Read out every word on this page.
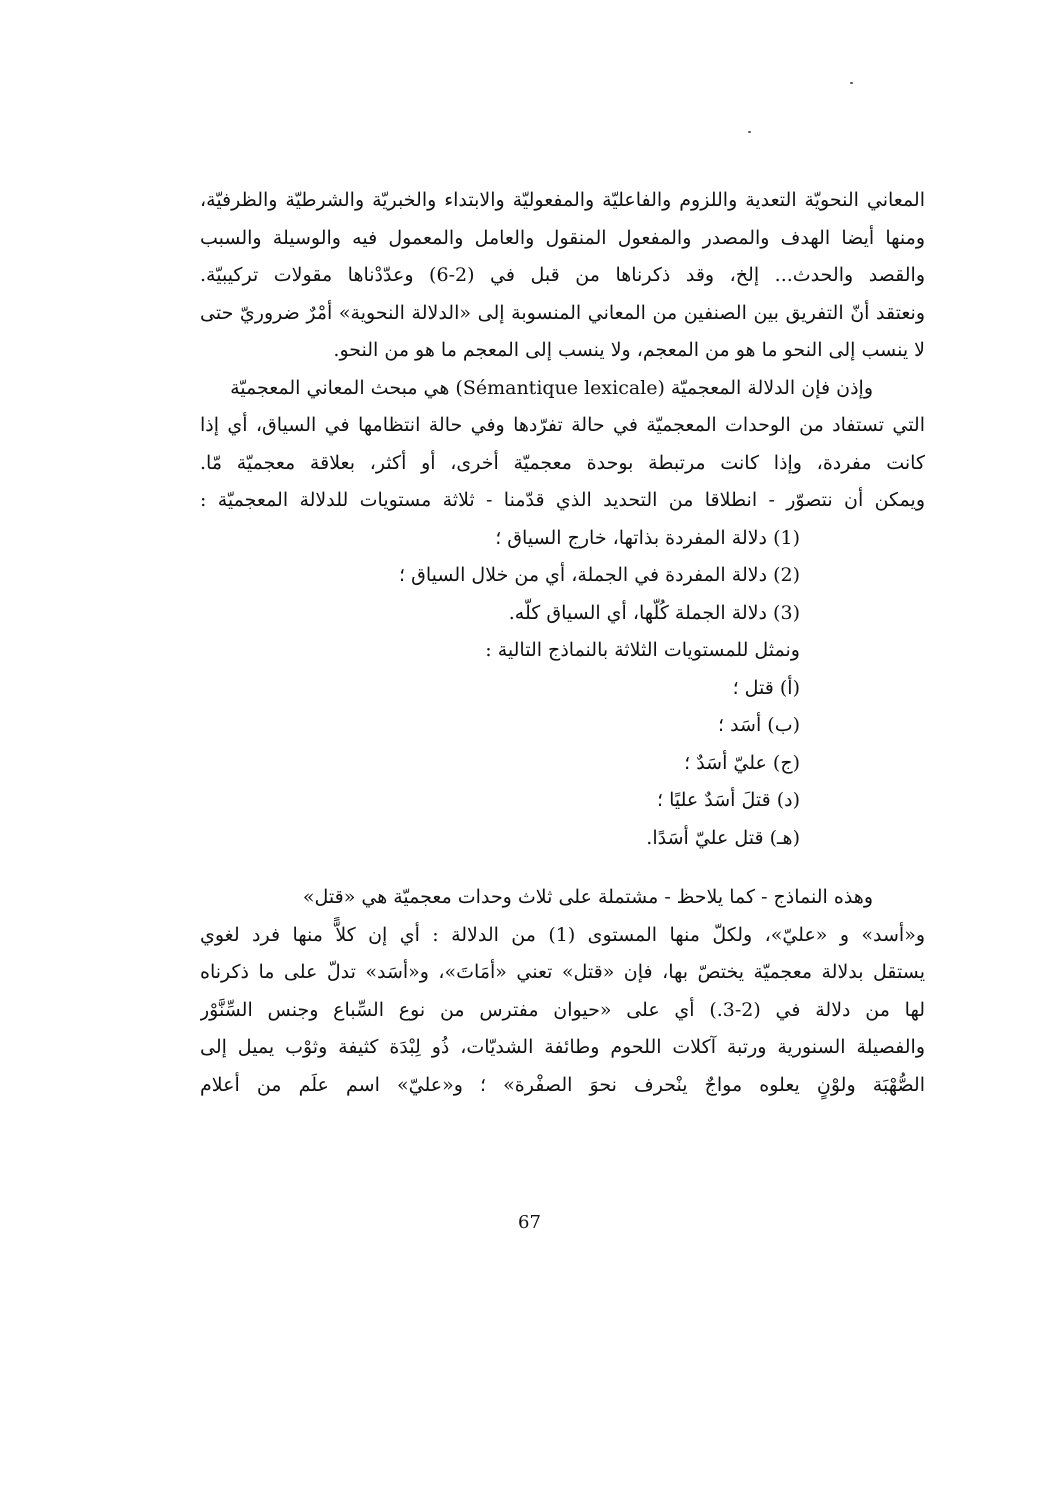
المعاني النحويّة التعدية واللزوم والفاعليّة والمفعوليّة والابتداء والخبريّة والشرطيّة والظرفيّة،
ومنها أيضا الهدف والمصدر والمفعول المنقول والعامل والمعمول فيه والوسيلة والسبب
والقصد والحدث... إلخ، وقد ذكرناها من قبل في (2-6) وعدّدْناها مقولات تركيبيّة.
ونعتقد أنّ التفريق بين الصنفين من المعاني المنسوبة إلى «الدلالة النحوية» أمْرٌ ضروريّ حتى
لا ينسب إلى النحو ما هو من المعجم، ولا ينسب إلى المعجم ما هو من النحو.
وإذن فإن الدلالة المعجميّة (Sémantique lexicale) هي مبحث المعاني المعجميّة
التي تستفاد من الوحدات المعجميّة في حالة تفرّدها وفي حالة انتظامها في السياق، أي إذا
كانت مفردة، وإذا كانت مرتبطة بوحدة معجميّة أخرى، أو أكثر، بعلاقة معجميّة مّا.
ويمكن أن نتصوّر - انطلاقا من التحديد الذي قدّمنا - ثلاثة مستويات للدلالة المعجميّة :
(1) دلالة المفردة بذاتها، خارج السياق ؛
(2) دلالة المفردة في الجملة، أي من خلال السياق ؛
(3) دلالة الجملة كُلّها، أي السياق كلّه.
ونمثل للمستويات الثلاثة بالنماذج التالية :
(أ) قتل ؛
(ب) أسَد ؛
(ج) عليّ أسَدٌ ؛
(د) قتلَ أسَدٌ عليًا ؛
(هـ) قتل عليّ أسَدًا.
وهذه النماذج - كما يلاحظ - مشتملة على ثلاث وحدات معجميّة هي «قتل»
و«أسد» و «عليّ»، ولكلّ منها المستوى (1) من الدلالة : أي إن كلاًّ منها فرد لغوي
يستقل بدلالة معجميّة يختصّ بها، فإن «قتل» تعني «أمَاتَ»، و«أسَد» تدلّ على ما ذكرناه
لها من دلالة في (2-3.) أي على «حيوان مفترس من نوع السِّباع وجنس السِّنَّوْر
والفصيلة السنورية ورتبة آكلات اللحوم وطائفة الشديّات، ذُو لِبْدَة كثيفة وثوْب يميل إلى
الصُّهْبَة ولوْنٍ يعلوه مواجٌ ينْحرف نحوَ الصفْرة» ؛ و«عليّ» اسم علَم من أعلام
67
